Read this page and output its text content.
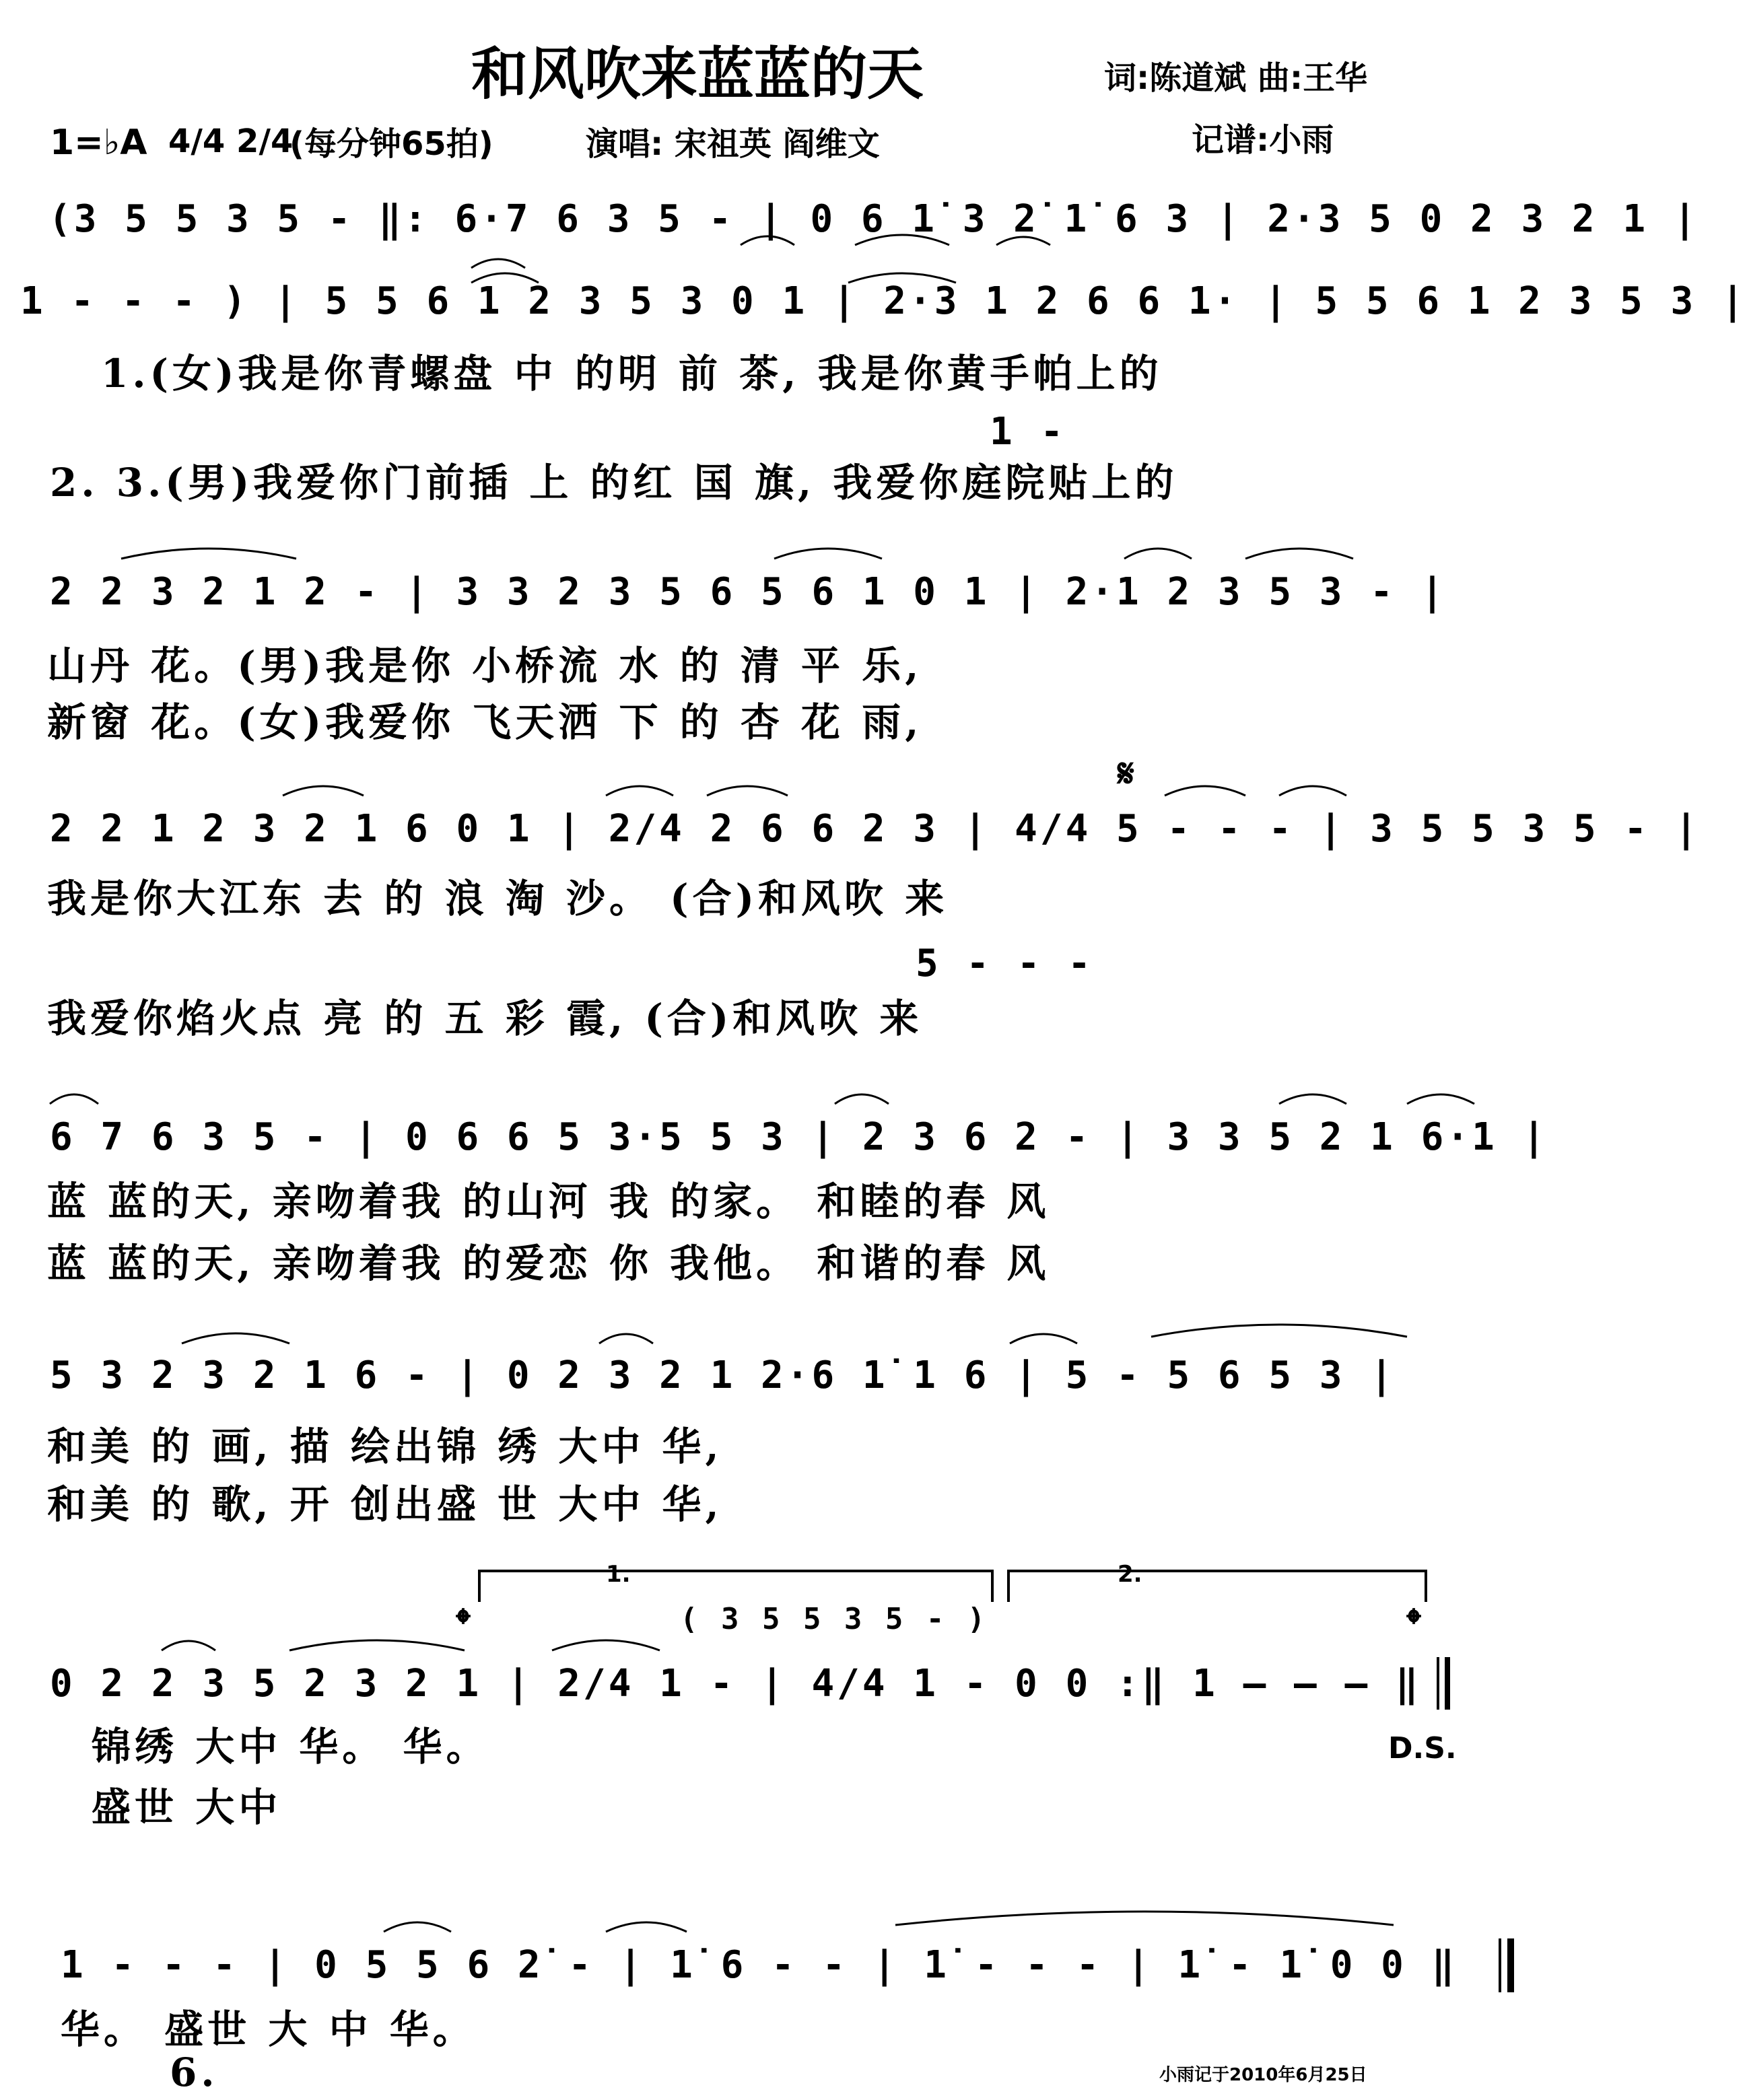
和风吹来蓝蓝的天	词:陈道斌 曲:王华
1=♭A 4/4 2/4
(每分钟65拍)	演唱: 宋祖英 阎维文	记谱:小雨
(3 5 5 3 5 - ‖: 6·7 6 3 5 - | 0 6 1̇ 3 2̇ 1̇ 6 3 | 2·3 5 0 2 3 2 1 |
1 - - - ) | 5 5 6 1 2 3 5 3 0 1 | 2·3 1 2 6 6 1· | 5 5 6 1 2 3 5 3 |
2 2 3 2 1 2 - | 3 3 2 3 5 6 5 6 1 0 1 | 2·1 2 3 5 3 - |
2 2 1 2 3 2 1 6 0 1 | 2/4 2 6 6 2 3 | 4/4 5 - - - | 3 5 5 3 5 - |
6 7 6 3 5 - | 0 6 6 5 3·5 5 3 | 2 3 6 2 - | 3 3 5 2 1 6·1 |
5 3 2 3 2 1 6 - | 0 2 3 2 1 2·6 1̇ 1 6 | 5 - 5 6 5 3 |
0 2 2 3 5 2 3 2 1 | 2/4 1 - | 4/4 1 - 0 0 :‖ 1 — — — ‖
1 - - - | 0 5 5 6 2̇ - | 1̇ 6 - - | 1̇ - - - | 1̇ - 1̇ 0 0 ‖
1 -
5 - - -
( 3 5 5 3 5 - )
1.(女)我是你青螺盘 中 的明 前 茶, 我是你黄手帕上的
2. 3.(男)我爱你门前插 上 的红 国 旗, 我爱你庭院贴上的
山丹 花。(男)我是你 小桥流 水 的 清 平 乐,
新窗 花。(女)我爱你 飞天洒 下 的 杏 花 雨,
我是你大江东 去 的 浪 淘 沙。 (合)和风吹 来
我爱你焰火点 亮 的 五 彩 霞, (合)和风吹 来
蓝 蓝的天, 亲吻着我 的山河 我 的家。 和睦的春 风
蓝 蓝的天, 亲吻着我 的爱恋 你 我他。 和谐的春 风
和美 的 画, 描 绘出锦 绣 大中 华,
和美 的 歌, 开 创出盛 世 大中 华,
锦绣 大中 华。 华。
盛世 大中
华。 盛世 大 中 华。
𝄋
𝄌	𝄌
1.	2.
D.S.
6.	小雨记于2010年6月25日
